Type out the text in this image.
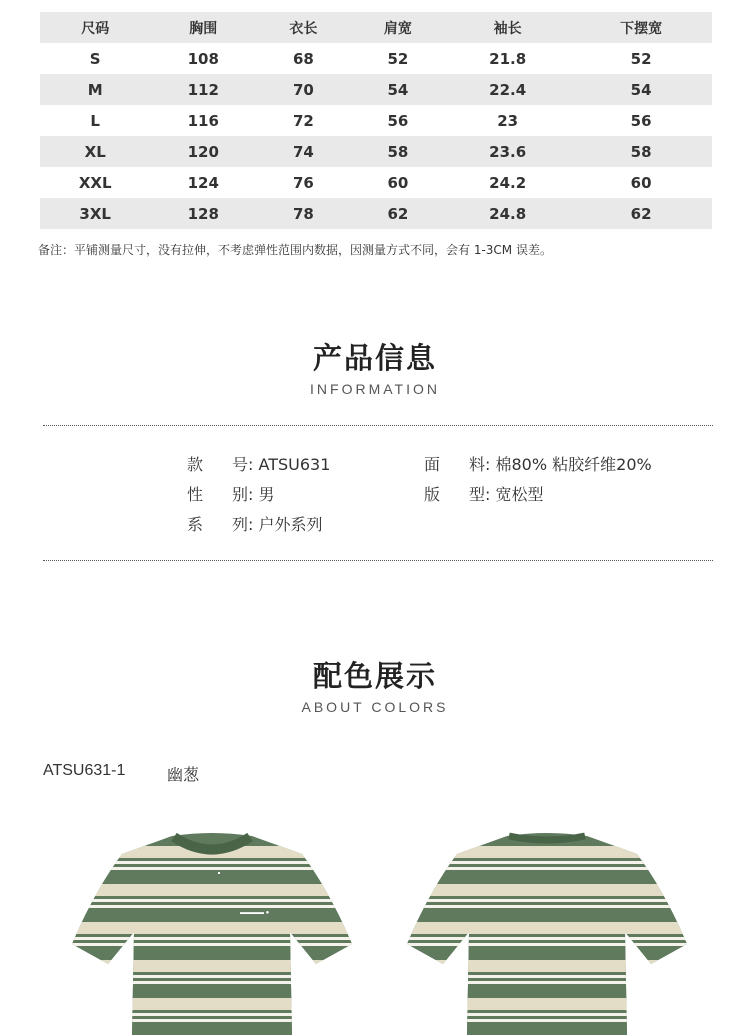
尺码	胸围	衣长	肩宽	袖长	下摆宽
S	108	68	52	21.8	52
M	112	70	54	22.4	54
L	116	72	56	23	56
XL	120	74	58	23.6	58
XXL	124	76	60	24.2	60
3XL	128	78	62	24.8	62
备注：平铺测量尺寸，没有拉伸，不考虑弹性范围内数据，因测量方式不同，会有 1-3CM 误差。
产品信息
INFORMATION
款 号: ATSU631	面 料: 棉80% 粘胶纤维20%
性 别: 男	版 型: 宽松型
系 列: 户外系列
配色展示
ABOUT COLORS
ATSU631-1	幽葱
▬▬▬▬ ●
